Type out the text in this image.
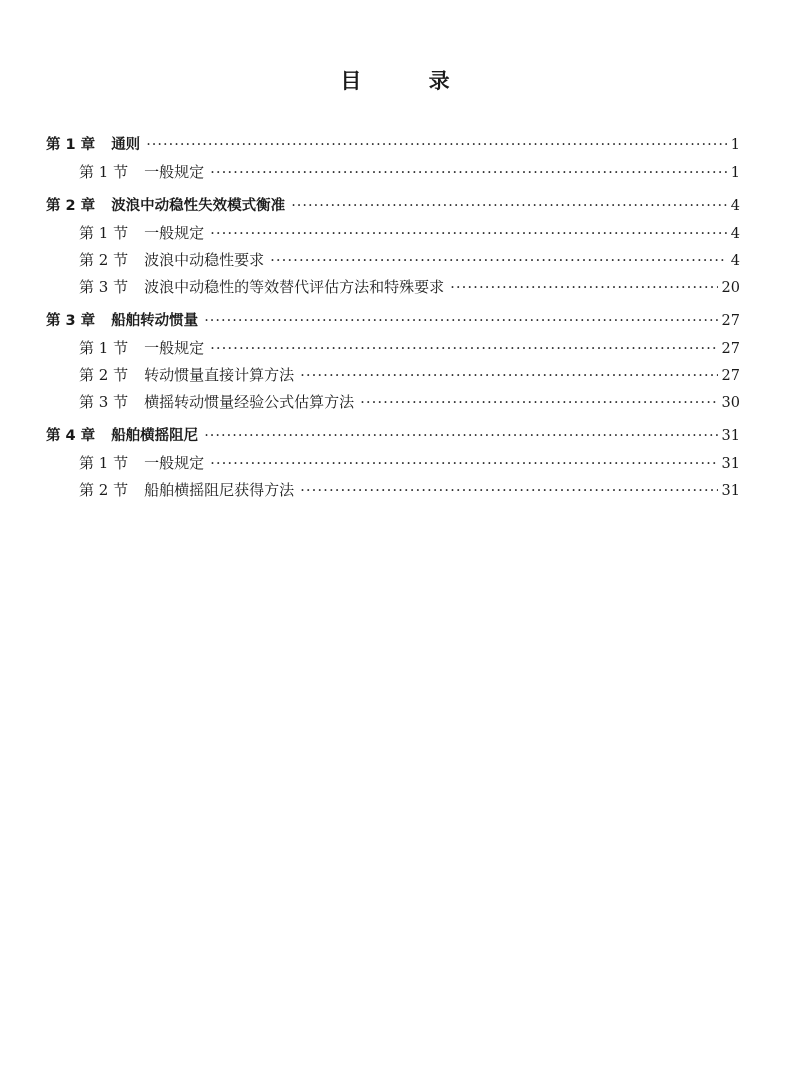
目 录
第 1 章 通则 ·····	1
第 1 节 一般规定 ·····	1
第 2 章 波浪中动稳性失效模式衡准 ·····	4
第 1 节 一般规定 ·····	4
第 2 节 波浪中动稳性要求 ·····	4
第 3 节 波浪中动稳性的等效替代评估方法和特殊要求 ·····	20
第 3 章 船舶转动惯量 ·····	27
第 1 节 一般规定 ·····	27
第 2 节 转动惯量直接计算方法 ·····	27
第 3 节 横摇转动惯量经验公式估算方法 ·····	30
第 4 章 船舶横摇阻尼 ·····	31
第 1 节 一般规定 ·····	31
第 2 节 船舶横摇阻尼获得方法 ·····	31
